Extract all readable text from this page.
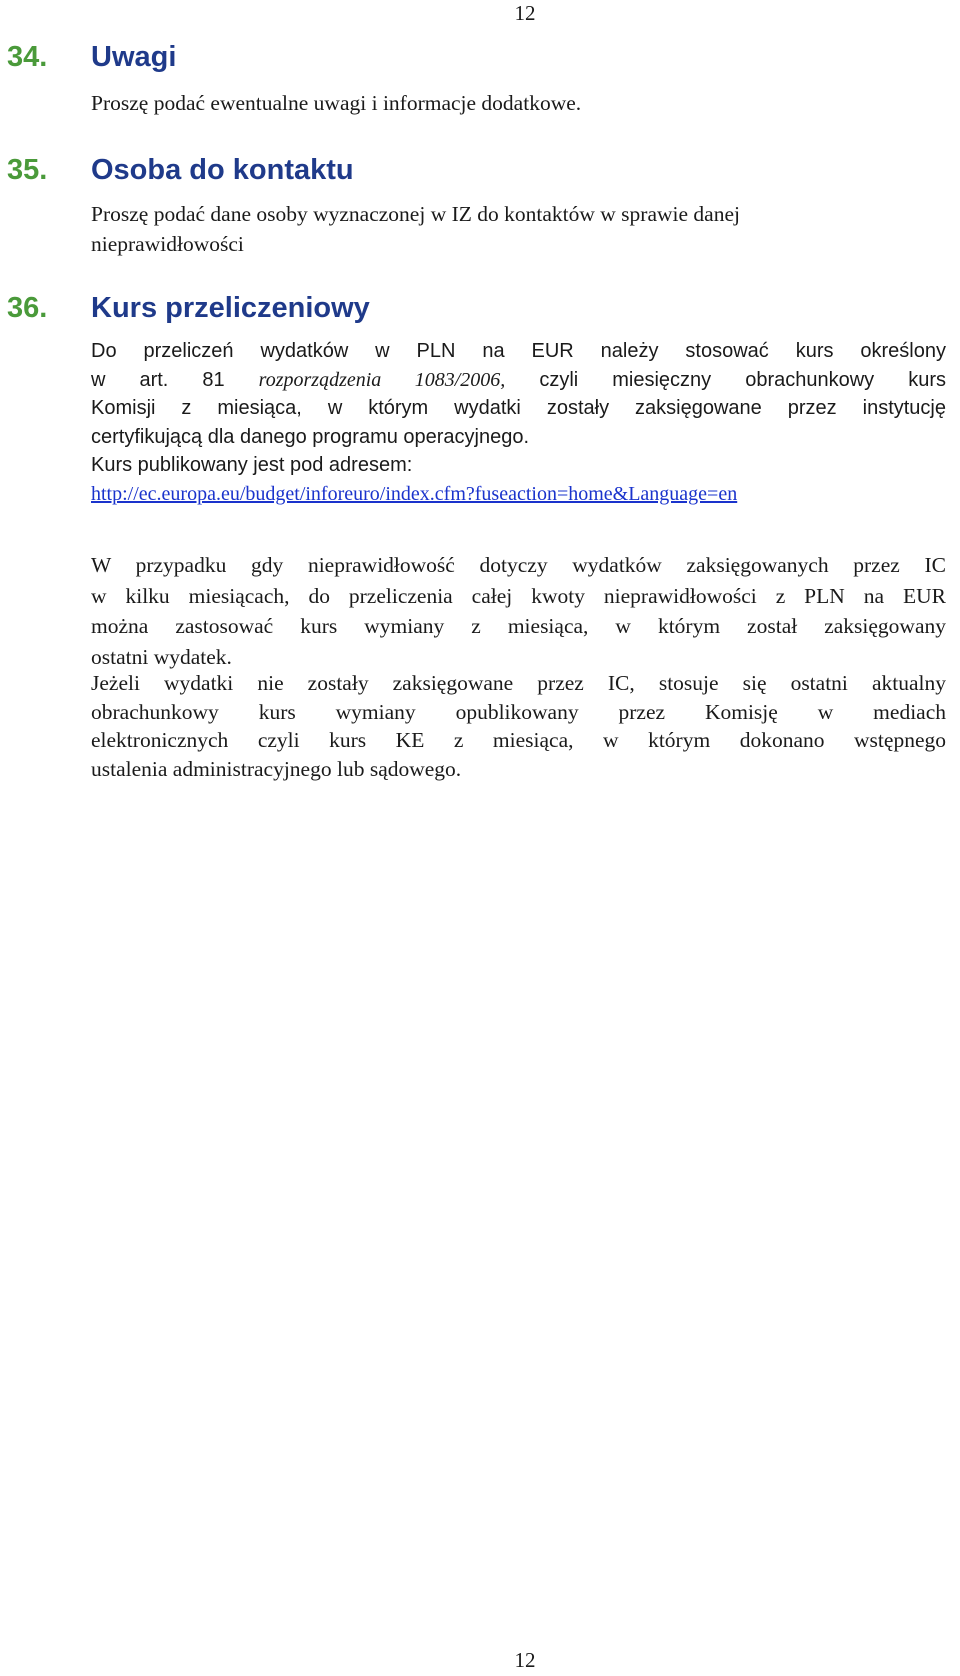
12
34. Uwagi
Proszę podać ewentualne uwagi i informacje dodatkowe.
35. Osoba do kontaktu
Proszę podać dane osoby wyznaczonej w IZ do kontaktów w sprawie danej
nieprawidłowości
36. Kurs przeliczeniowy
Do przeliczeń wydatków w PLN na EUR należy stosować kurs określony
w art. 81 rozporządzenia 1083/2006, czyli miesięczny obrachunkowy kurs
Komisji z miesiąca, w którym wydatki zostały zaksięgowane przez instytucję
certyfikującą dla danego programu operacyjnego.
Kurs publikowany jest pod adresem:
http://ec.europa.eu/budget/inforeuro/index.cfm?fuseaction=home&Language=en
W przypadku gdy nieprawidłowość dotyczy wydatków zaksięgowanych przez IC
w kilku miesiącach, do przeliczenia całej kwoty nieprawidłowości z PLN na EUR
można zastosować kurs wymiany z miesiąca, w którym został zaksięgowany
ostatni wydatek.
Jeżeli wydatki nie zostały zaksięgowane przez IC, stosuje się ostatni aktualny
obrachunkowy kurs wymiany opublikowany przez Komisję w mediach
elektronicznych czyli kurs KE z miesiąca, w którym dokonano wstępnego
ustalenia administracyjnego lub sądowego.
12
